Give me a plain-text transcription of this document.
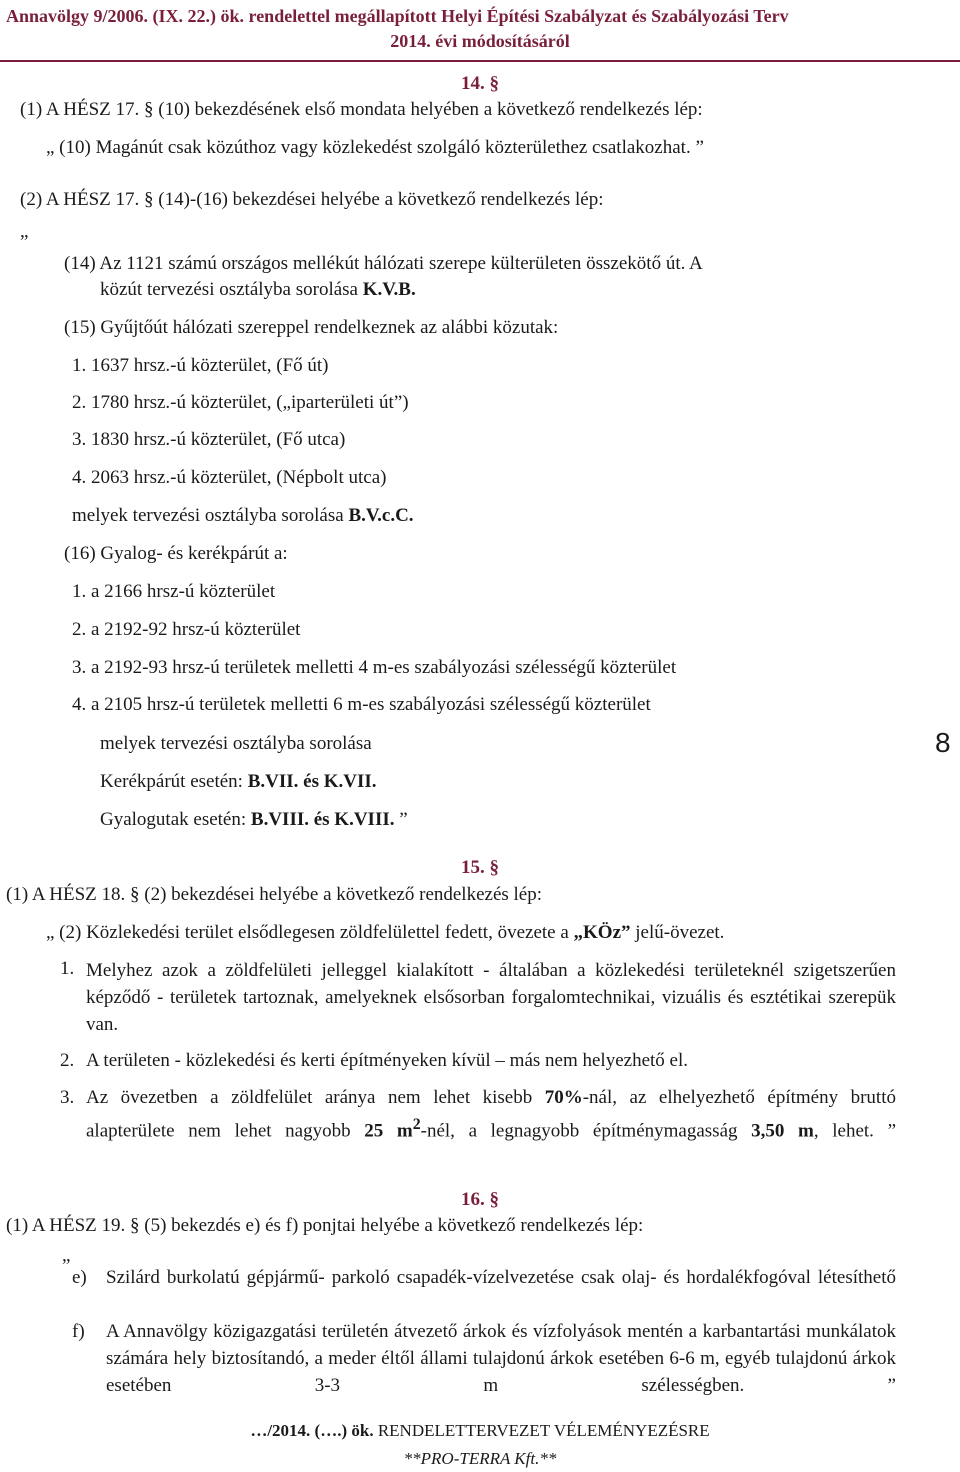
Annavölgy 9/2006. (IX. 22.) ök. rendelettel megállapított Helyi Építési Szabályzat és Szabályozási Terv
2014. évi módosításáról
14. §
(1) A HÉSZ 17. § (10) bekezdésének első mondata helyében a következő rendelkezés lép:
„ (10) Magánút csak közúthoz vagy közlekedést szolgáló közterülethez csatlakozhat. ”
(2) A HÉSZ 17. § (14)-(16) bekezdései helyébe a következő rendelkezés lép:
„
(14) Az 1121 számú országos mellékút hálózati szerepe külterületen összekötő út. A
közút tervezési osztályba sorolása K.V.B.
(15) Gyűjtőút hálózati szereppel rendelkeznek az alábbi közutak:
1. 1637 hrsz.-ú közterület, (Fő út)
2. 1780 hrsz.-ú közterület, („iparterületi út”)
3. 1830 hrsz.-ú közterület, (Fő utca)
4. 2063 hrsz.-ú közterület, (Népbolt utca)
melyek tervezési osztályba sorolása B.V.c.C.
(16) Gyalog- és kerékpárút a:
1. a 2166 hrsz-ú közterület
2. a 2192-92 hrsz-ú közterület
3. a 2192-93 hrsz-ú területek melletti 4 m-es szabályozási szélességű közterület
4. a 2105 hrsz-ú területek melletti 6 m-es szabályozási szélességű közterület
melyek tervezési osztályba sorolása
Kerékpárút esetén: B.VII. és K.VII.
Gyalogutak esetén: B.VIII. és K.VIII. ”
8
15. §
(1) A HÉSZ 18. § (2) bekezdései helyébe a következő rendelkezés lép:
„ (2) Közlekedési terület elsődlegesen zöldfelülettel fedett, övezete a „KÖz” jelű-övezet.
1. Melyhez azok a zöldfelületi jelleggel kialakított - általában a közlekedési területeknél szigetszerűen képződő - területek tartoznak, amelyeknek elsősorban forgalomtechnikai, vizuális és esztétikai szerepük van.
2. A területen - közlekedési és kerti építményeken kívül – más nem helyezhető el.
3. Az övezetben a zöldfelület aránya nem lehet kisebb 70%-nál, az elhelyezhető építmény bruttó alapterülete nem lehet nagyobb 25 $m^2$-nél, a legnagyobb építménymagasság 3,50 m, lehet. ”
16. §
(1) A HÉSZ 19. § (5) bekezdés e) és f) ponjtai helyébe a következő rendelkezés lép:
„
e) Szilárd burkolatú gépjármű- parkoló csapadék-vízelvezetése csak olaj- és hordalékfogóval létesíthető
f) A Annavölgy közigazgatási területén átvezető árkok és vízfolyások mentén a karbantartási munkálatok számára hely biztosítandó, a meder éltől állami tulajdonú árkok esetében 6-6 m, egyéb tulajdonú árkok esetében 3-3 m szélességben. ”
…/2014. (….) ök. RENDELETTERVEZET VÉLEMÉNYEZÉSRE
**PRO-TERRA Kft.**
